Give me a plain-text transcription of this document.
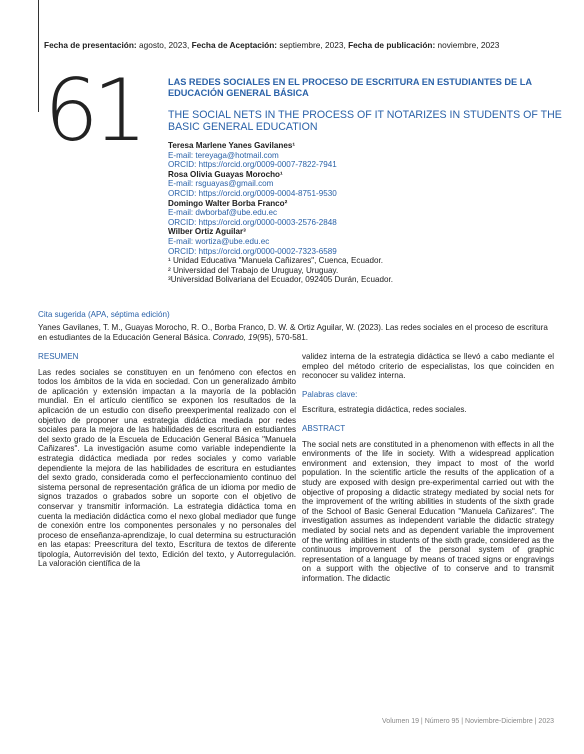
Fecha de presentación: agosto, 2023, Fecha de Aceptación: septiembre, 2023, Fecha de publicación: noviembre, 2023
61	LAS REDES SOCIALES EN EL PROCESO DE ESCRITURA EN ESTUDIANTES DE LA EDUCACIÓN GENERAL BÁSICA
THE SOCIAL NETS IN THE PROCESS OF IT NOTARIZES IN STUDENTS OF THE BASIC GENERAL EDUCATION
Teresa Marlene Yanes Gavilanes¹
E-mail: tereyaga@hotmail.com
ORCID: https://orcid.org/0009-0007-7822-7941
Rosa Olivia Guayas Morocho¹
E-mail: rsguayas@gmail.com
ORCID: https://orcid.org/0009-0004-8751-9530
Domingo Walter Borba Franco²
E-mail: dwborbaf@ube.edu.ec
ORCID: https://orcid.org/0000-0003-2576-2848
Wilber Ortiz Aguilar³
E-mail: wortiza@ube.edu.ec
ORCID: https://orcid.org/0000-0002-7323-6589
¹ Unidad Educativa "Manuela Cañizares", Cuenca, Ecuador.
² Universidad del Trabajo de Uruguay, Uruguay.
³Universidad Bolivariana del Ecuador, 092405 Durán, Ecuador.
Cita sugerida (APA, séptima edición)
Yanes Gavilanes, T. M., Guayas Morocho, R. O., Borba Franco, D. W. & Ortiz Aguilar, W. (2023). Las redes sociales en el proceso de escritura en estudiantes de la Educación General Básica. Conrado, 19(95), 570-581.
RESUMEN

Las redes sociales se constituyen en un fenómeno con efectos en todos los ámbitos de la vida en sociedad. Con un generalizado ámbito de aplicación y extensión impactan a la mayoría de la población mundial. En el artículo científico se exponen los resultados de la aplicación de un estudio con diseño preexperimental realizado con el objetivo de proponer una estrategia didáctica mediada por redes sociales para la mejora de las habilidades de escritura en estudiantes del sexto grado de la Escuela de Educación General Básica "Manuela Cañizares". La investigación asume como variable independiente la estrategia didáctica mediada por redes sociales y como variable dependiente la mejora de las habilidades de escritura en estudiantes del sexto grado, considerada como el perfeccionamiento continuo del sistema personal de representación gráfica de un idioma por medio de signos trazados o grabados sobre un soporte con el objetivo de conservar y transmitir información. La estrategia didáctica toma en cuenta la mediación didáctica como el nexo global mediador que funge de conexión entre los componentes personales y no personales del proceso de enseñanza-aprendizaje, lo cual determina su estructuración en las etapas: Preescritura del texto, Escritura de textos de diferente tipología, Autorrevisión del texto, Edición del texto, y Autorregulación. La valoración científica de la

validez interna de la estrategia didáctica se llevó a cabo mediante el empleo del método criterio de especialistas, los que coinciden en reconocer su validez interna.

Palabras clave:

Escritura, estrategia didáctica, redes sociales.

ABSTRACT

The social nets are constituted in a phenomenon with effects in all the environments of the life in society. With a widespread application environment and extension, they impact to most of the world population. In the scientific article the results of the application of a study are exposed with design pre-experimental carried out with the objective of proposing a didactic strategy mediated by social nets for the improvement of the writing abilities in students of the sixth grade of the School of Basic General Education "Manuela Cañizares". The investigation assumes as independent variable the didactic strategy mediated by social nets and as dependent variable the improvement of the writing abilities in students of the sixth grade, considered as the continuous improvement of the personal system of graphic representation of a language by means of traced signs or engravings on a support with the objective of to conserve and to transmit information. The didactic

Volumen 19 | Número 95 | Noviembre-Diciembre | 2023
